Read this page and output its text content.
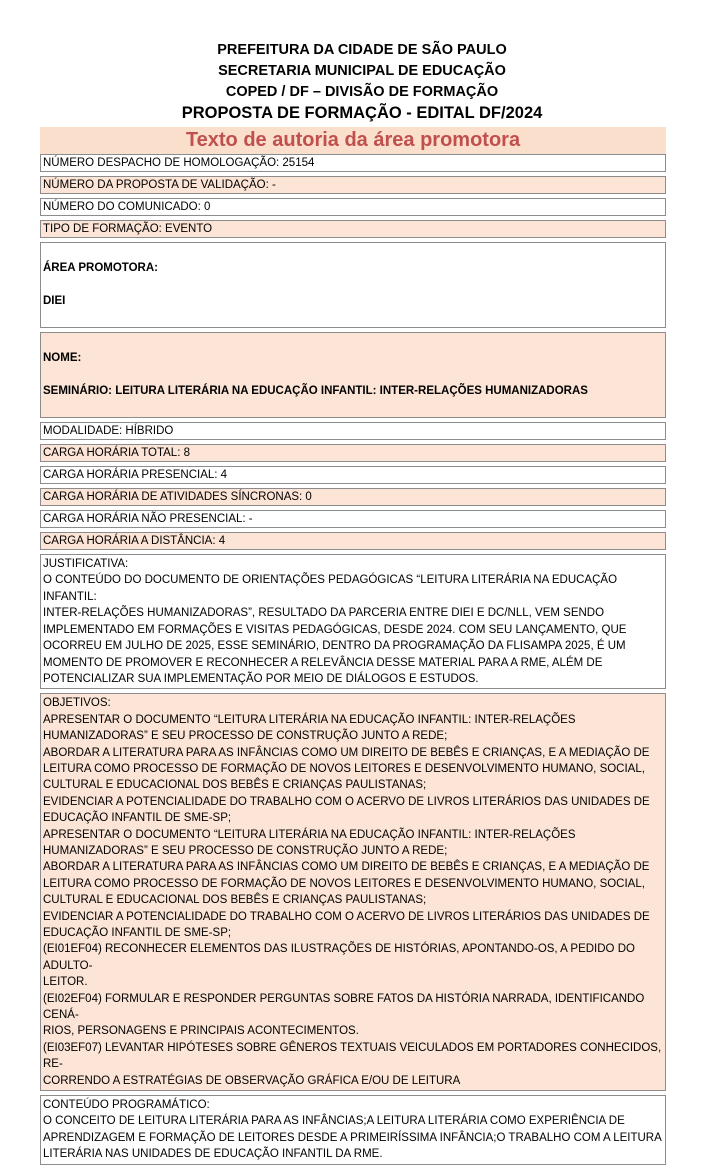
PREFEITURA DA CIDADE DE SÃO PAULO
SECRETARIA MUNICIPAL DE EDUCAÇÃO
COPED / DF – DIVISÃO DE FORMAÇÃO
PROPOSTA DE FORMAÇÃO - EDITAL DF/2024
Texto de autoria da área promotora
NÚMERO DESPACHO DE HOMOLOGAÇÃO: 25154
NÚMERO DA PROPOSTA DE VALIDAÇÃO: -
NÚMERO DO COMUNICADO: 0
TIPO DE FORMAÇÃO: EVENTO

ÁREA PROMOTORA:

DIEI

NOME:

SEMINÁRIO: LEITURA LITERÁRIA NA EDUCAÇÃO INFANTIL: INTER-RELAÇÕES HUMANIZADORAS

MODALIDADE: HÍBRIDO
CARGA HORÁRIA TOTAL: 8
CARGA HORÁRIA PRESENCIAL: 4
CARGA HORÁRIA DE ATIVIDADES SÍNCRONAS: 0
CARGA HORÁRIA NÃO PRESENCIAL: -
CARGA HORÁRIA A DISTÂNCIA: 4
JUSTIFICATIVA:
O CONTEÚDO DO DOCUMENTO DE ORIENTAÇÕES PEDAGÓGICAS “LEITURA LITERÁRIA NA EDUCAÇÃO INFANTIL:
INTER-RELAÇÕES HUMANIZADORAS”, RESULTADO DA PARCERIA ENTRE DIEI E DC/NLL, VEM SENDO
IMPLEMENTADO EM FORMAÇÕES E VISITAS PEDAGÓGICAS, DESDE 2024. COM SEU LANÇAMENTO, QUE
OCORREU EM JULHO DE 2025, ESSE SEMINÁRIO, DENTRO DA PROGRAMAÇÃO DA FLISAMPA 2025, É UM
MOMENTO DE PROMOVER E RECONHECER A RELEVÂNCIA DESSE MATERIAL PARA A RME, ALÉM DE
POTENCIALIZAR SUA IMPLEMENTAÇÃO POR MEIO DE DIÁLOGOS E ESTUDOS.
OBJETIVOS:
APRESENTAR O DOCUMENTO “LEITURA LITERÁRIA NA EDUCAÇÃO INFANTIL: INTER-RELAÇÕES
HUMANIZADORAS” E SEU PROCESSO DE CONSTRUÇÃO JUNTO A REDE;
ABORDAR A LITERATURA PARA AS INFÂNCIAS COMO UM DIREITO DE BEBÊS E CRIANÇAS, E A MEDIAÇÃO DE
LEITURA COMO PROCESSO DE FORMAÇÃO DE NOVOS LEITORES E DESENVOLVIMENTO HUMANO, SOCIAL,
CULTURAL E EDUCACIONAL DOS BEBÊS E CRIANÇAS PAULISTANAS;
EVIDENCIAR A POTENCIALIDADE DO TRABALHO COM O ACERVO DE LIVROS LITERÁRIOS DAS UNIDADES DE
EDUCAÇÃO INFANTIL DE SME-SP;
APRESENTAR O DOCUMENTO “LEITURA LITERÁRIA NA EDUCAÇÃO INFANTIL: INTER-RELAÇÕES
HUMANIZADORAS” E SEU PROCESSO DE CONSTRUÇÃO JUNTO A REDE;
ABORDAR A LITERATURA PARA AS INFÂNCIAS COMO UM DIREITO DE BEBÊS E CRIANÇAS, E A MEDIAÇÃO DE
LEITURA COMO PROCESSO DE FORMAÇÃO DE NOVOS LEITORES E DESENVOLVIMENTO HUMANO, SOCIAL,
CULTURAL E EDUCACIONAL DOS BEBÊS E CRIANÇAS PAULISTANAS;
EVIDENCIAR A POTENCIALIDADE DO TRABALHO COM O ACERVO DE LIVROS LITERÁRIOS DAS UNIDADES DE
EDUCAÇÃO INFANTIL DE SME-SP;
(EI01EF04) RECONHECER ELEMENTOS DAS ILUSTRAÇÕES DE HISTÓRIAS, APONTANDO-OS, A PEDIDO DO ADULTO-
LEITOR.
(EI02EF04) FORMULAR E RESPONDER PERGUNTAS SOBRE FATOS DA HISTÓRIA NARRADA, IDENTIFICANDO CENÁ-
RIOS, PERSONAGENS E PRINCIPAIS ACONTECIMENTOS.
(EI03EF07) LEVANTAR HIPÓTESES SOBRE GÊNEROS TEXTUAIS VEICULADOS EM PORTADORES CONHECIDOS, RE-
CORRENDO A ESTRATÉGIAS DE OBSERVAÇÃO GRÁFICA E/OU DE LEITURA
CONTEÚDO PROGRAMÁTICO:
O CONCEITO DE LEITURA LITERÁRIA PARA AS INFÂNCIAS;A LEITURA LITERÁRIA COMO EXPERIÊNCIA DE
APRENDIZAGEM E FORMAÇÃO DE LEITORES DESDE A PRIMEIRÍSSIMA INFÂNCIA;O TRABALHO COM A LEITURA
LITERÁRIA NAS UNIDADES DE EDUCAÇÃO INFANTIL DA RME.
